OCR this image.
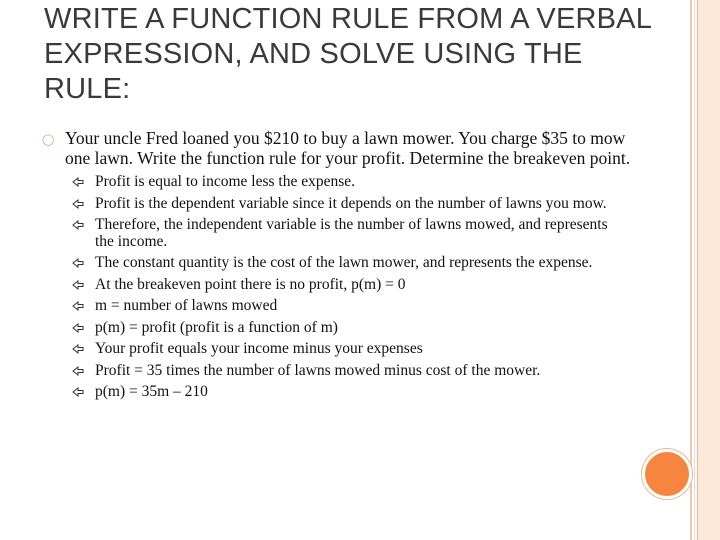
WRITE A FUNCTION RULE FROM A VERBAL EXPRESSION, AND SOLVE USING THE RULE:
◯ Your uncle Fred loaned you $210 to buy a lawn mower. You charge $35 to mow one lawn. Write the function rule for your profit. Determine the breakeven point.
Profit is equal to income less the expense.
Profit is the dependent variable since it depends on the number of lawns you mow.
Therefore, the independent variable is the number of lawns mowed, and represents the income.
The constant quantity is the cost of the lawn mower, and represents the expense.
At the breakeven point there is no profit, p(m) = 0
m = number of lawns mowed
p(m) = profit (profit is a function of m)
Your profit equals your income minus your expenses
Profit = 35 times the number of lawns mowed minus cost of the mower.
p(m) = 35m – 210
